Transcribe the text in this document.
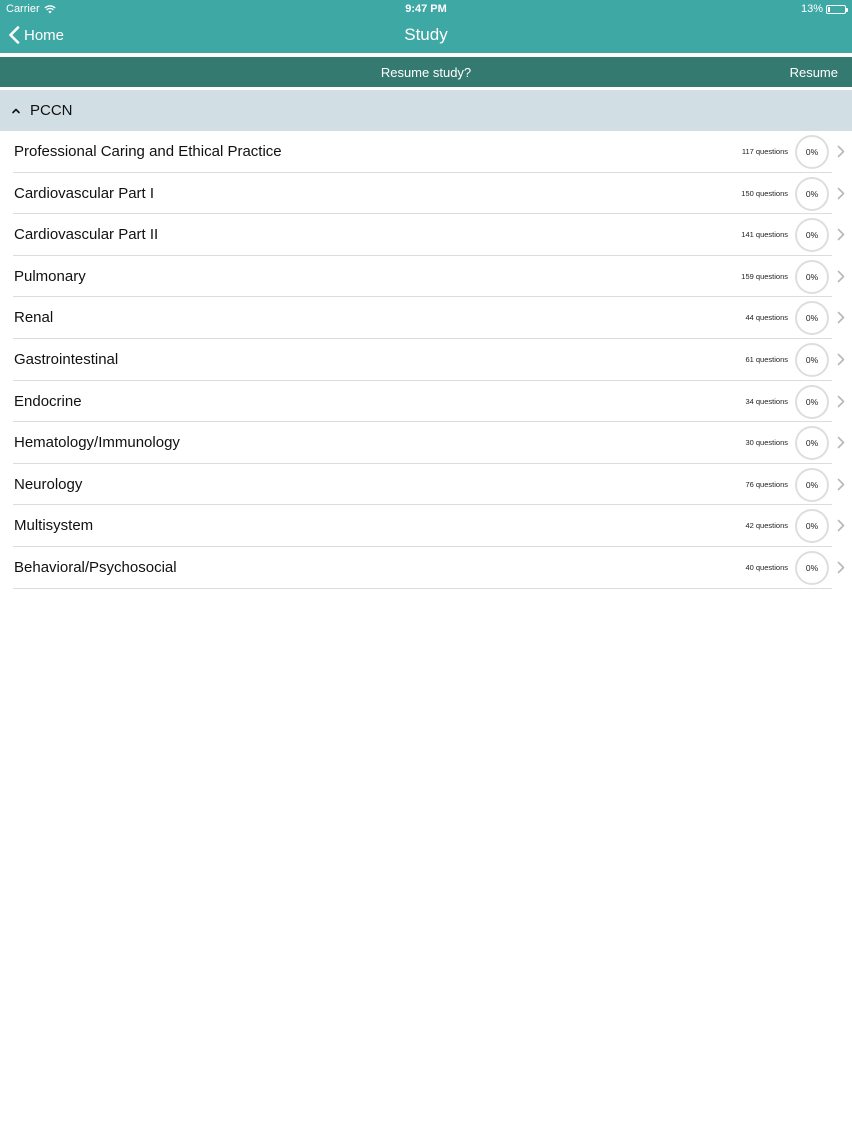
Carrier	9:47 PM	13%
Home	Study
Resume study?	Resume
PCCN
Professional Caring and Ethical Practice	117 questions 0%
Cardiovascular Part I	150 questions 0%
Cardiovascular Part II	141 questions 0%
Pulmonary	159 questions 0%
Renal	44 questions 0%
Gastrointestinal	61 questions 0%
Endocrine	34 questions 0%
Hematology/Immunology	30 questions 0%
Neurology	76 questions 0%
Multisystem	42 questions 0%
Behavioral/Psychosocial	40 questions 0%
